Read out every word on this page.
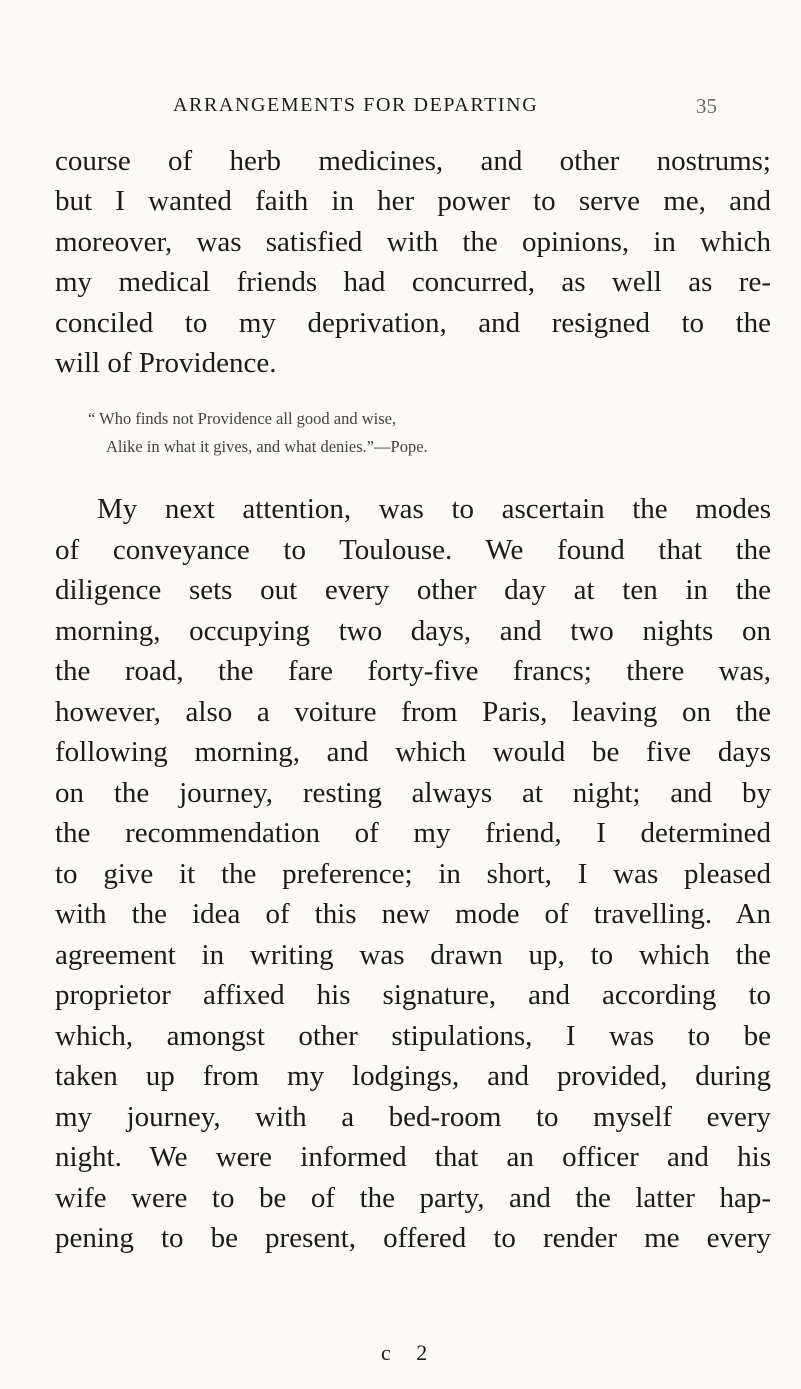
ARRANGEMENTS FOR DEPARTING	35
course of herb medicines, and other nostrums;
but I wanted faith in her power to serve me, and
moreover, was satisfied with the opinions, in which
my medical friends had concurred, as well as re-
conciled to my deprivation, and resigned to the
will of Providence.
“ Who finds not Providence all good and wise,
Alike in what it gives, and what denies.”—Pope.
My next attention, was to ascertain the modes
of conveyance to Toulouse. We found that the
diligence sets out every other day at ten in the
morning, occupying two days, and two nights on
the road, the fare forty-five francs; there was,
however, also a voiture from Paris, leaving on the
following morning, and which would be five days
on the journey, resting always at night; and by
the recommendation of my friend, I determined
to give it the preference; in short, I was pleased
with the idea of this new mode of travelling. An
agreement in writing was drawn up, to which the
proprietor affixed his signature, and according to
which, amongst other stipulations, I was to be
taken up from my lodgings, and provided, during
my journey, with a bed-room to myself every
night. We were informed that an officer and his
wife were to be of the party, and the latter hap-
pening to be present, offered to render me every
c 2
